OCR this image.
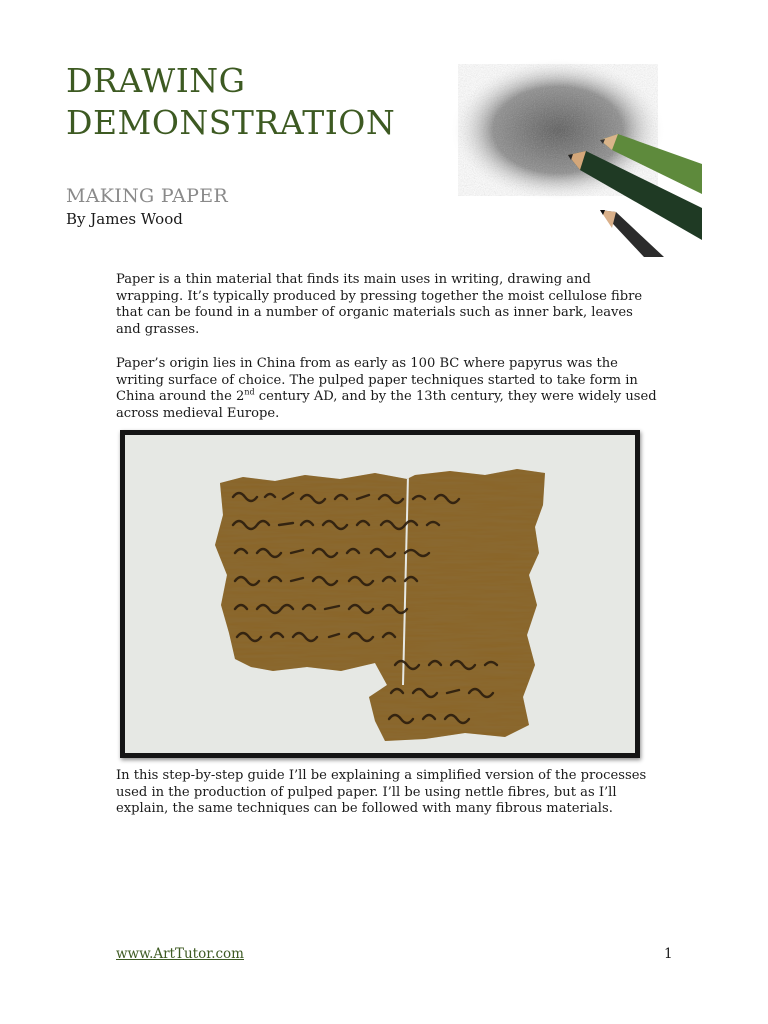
DRAWING
DEMONSTRATION
MAKING PAPER
By James Wood

Paper is a thin material that finds its main uses in writing, drawing and wrapping. It’s typically produced by pressing together the moist cellulose fibre that can be found in a number of organic materials such as inner bark, leaves and grasses.

Paper’s origin lies in China from as early as 100 BC where papyrus was the writing surface of choice. The pulped paper techniques started to take form in China around the 2nd century AD, and by the 13th century, they were widely used across medieval Europe.

In this step-by-step guide I’ll be explaining a simplified version of the processes used in the production of pulped paper. I’ll be using nettle fibres, but as I’ll explain, the same techniques can be followed with many fibrous materials.

www.ArtTutor.com	1
